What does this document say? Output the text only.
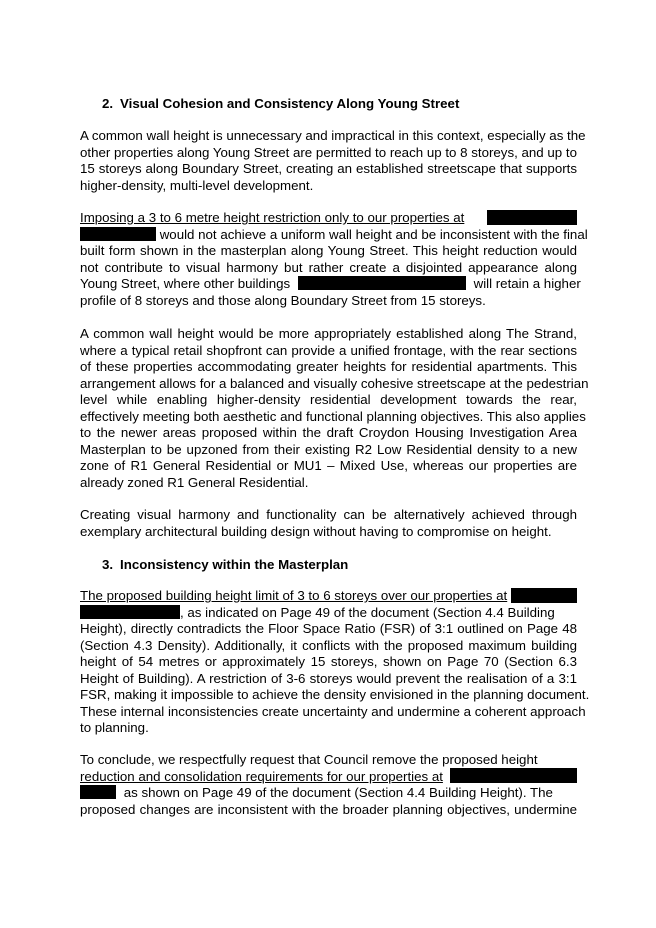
2. Visual Cohesion and Consistency Along Young Street
A common wall height is unnecessary and impractical in this context, especially as the
other properties along Young Street are permitted to reach up to 8 storeys, and up to
15 storeys along Boundary Street, creating an established streetscape that supports
higher-density, multi-level development.
Imposing a 3 to 6 metre height restriction only to our properties at
would not achieve a uniform wall height and be inconsistent with the final
built form shown in the masterplan along Young Street. This height reduction would
not contribute to visual harmony but rather create a disjointed appearance along
Young Street, where other buildings	will retain a higher
profile of 8 storeys and those along Boundary Street from 15 storeys.
A common wall height would be more appropriately established along The Strand,
where a typical retail shopfront can provide a unified frontage, with the rear sections
of these properties accommodating greater heights for residential apartments. This
arrangement allows for a balanced and visually cohesive streetscape at the pedestrian
level while enabling higher-density residential development towards the rear,
effectively meeting both aesthetic and functional planning objectives. This also applies
to the newer areas proposed within the draft Croydon Housing Investigation Area
Masterplan to be upzoned from their existing R2 Low Residential density to a new
zone of R1 General Residential or MU1 – Mixed Use, whereas our properties are
already zoned R1 General Residential.
Creating visual harmony and functionality can be alternatively achieved through
exemplary architectural building design without having to compromise on height.
3. Inconsistency within the Masterplan
The proposed building height limit of 3 to 6 storeys over our properties at
, as indicated on Page 49 of the document (Section 4.4 Building
Height), directly contradicts the Floor Space Ratio (FSR) of 3:1 outlined on Page 48
(Section 4.3 Density). Additionally, it conflicts with the proposed maximum building
height of 54 metres or approximately 15 storeys, shown on Page 70 (Section 6.3
Height of Building). A restriction of 3-6 storeys would prevent the realisation of a 3:1
FSR, making it impossible to achieve the density envisioned in the planning document.
These internal inconsistencies create uncertainty and undermine a coherent approach
to planning.
To conclude, we respectfully request that Council remove the proposed height
reduction and consolidation requirements for our properties at
as shown on Page 49 of the document (Section 4.4 Building Height). The
proposed changes are inconsistent with the broader planning objectives, undermine
